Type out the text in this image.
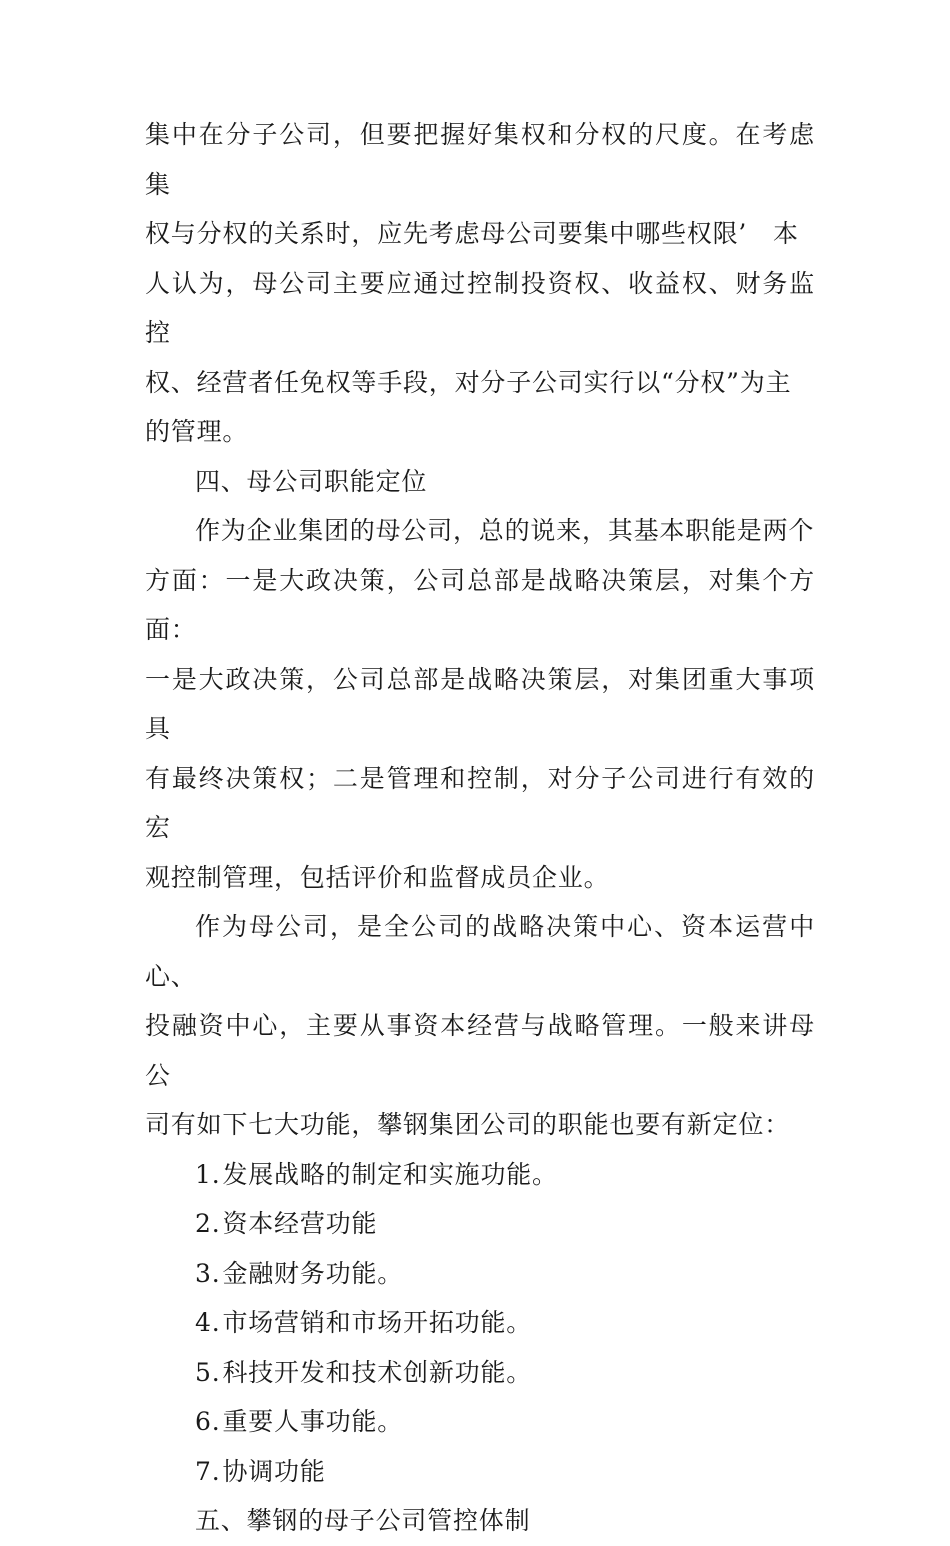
集中在分子公司，但要把握好集权和分权的尺度。在考虑集
权与分权的关系时，应先考虑母公司要集中哪些权限’　本
人认为，母公司主要应通过控制投资权、收益权、财务监控
权、经营者任免权等手段，对分子公司实行以“分权”为主
的管理。
四、母公司职能定位
作为企业集团的母公司，总的说来，其基本职能是两个
方面：一是大政决策，公司总部是战略决策层，对集个方面：
一是大政决策，公司总部是战略决策层，对集团重大事项具
有最终决策权；二是管理和控制，对分子公司进行有效的宏
观控制管理，包括评价和监督成员企业。
作为母公司，是全公司的战略决策中心、资本运营中心、
投融资中心，主要从事资本经营与战略管理。一般来讲母公
司有如下七大功能，攀钢集团公司的职能也要有新定位：
1.发展战略的制定和实施功能。
2.资本经营功能
3.金融财务功能。
4.市场营销和市场开拓功能。
5.科技开发和技术创新功能。
6.重要人事功能。
7.协调功能
五、攀钢的母子公司管控体制
